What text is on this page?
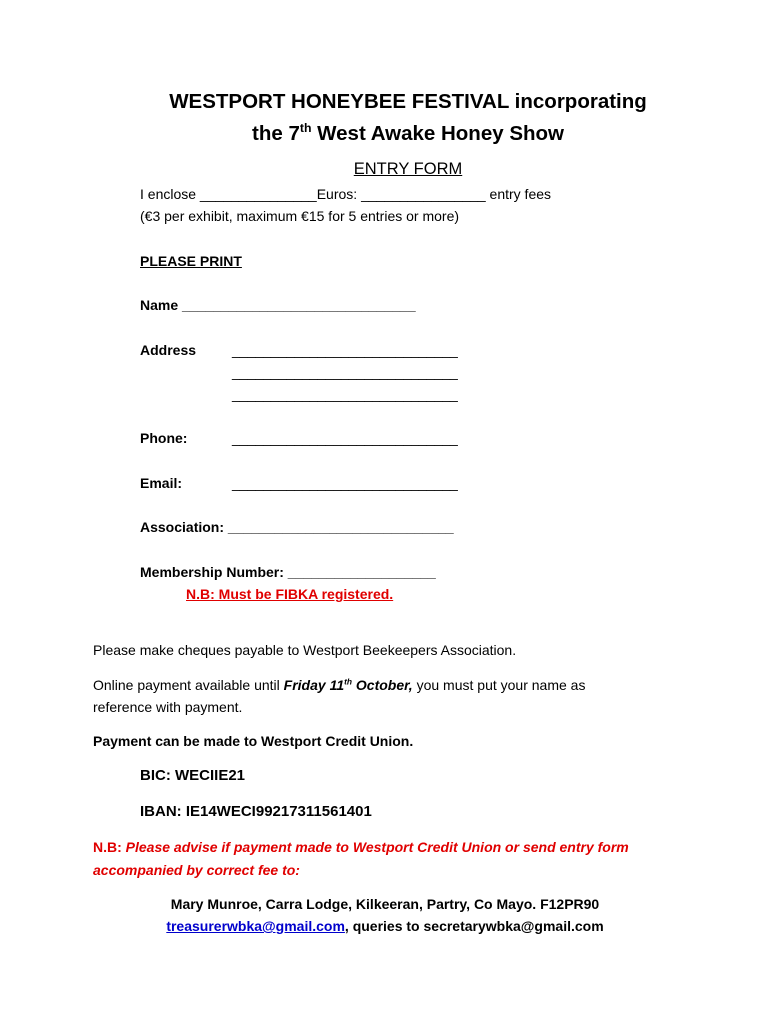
WESTPORT HONEYBEE FESTIVAL incorporating
the 7th West Awake Honey Show
ENTRY FORM
I enclose _______________Euros: ________________ entry fees
(€3 per exhibit, maximum €15 for 5 entries or more)
PLEASE PRINT
Name ______________________________
Address	_____________________________
_____________________________
_____________________________
Phone:	_____________________________
Email:	_____________________________
Association: _____________________________
Membership Number: ___________________
N.B: Must be FIBKA registered.
Please make cheques payable to Westport Beekeepers Association.
Online payment available until Friday 11th October, you must put your name as
reference with payment.
Payment can be made to Westport Credit Union.
BIC: WECIIE21
IBAN: IE14WECI99217311561401
N.B: Please advise if payment made to Westport Credit Union or send entry form
accompanied by correct fee to:
Mary Munroe, Carra Lodge, Kilkeeran, Partry, Co Mayo. F12PR90
treasurerwbka@gmail.com, queries to secretarywbka@gmail.com
